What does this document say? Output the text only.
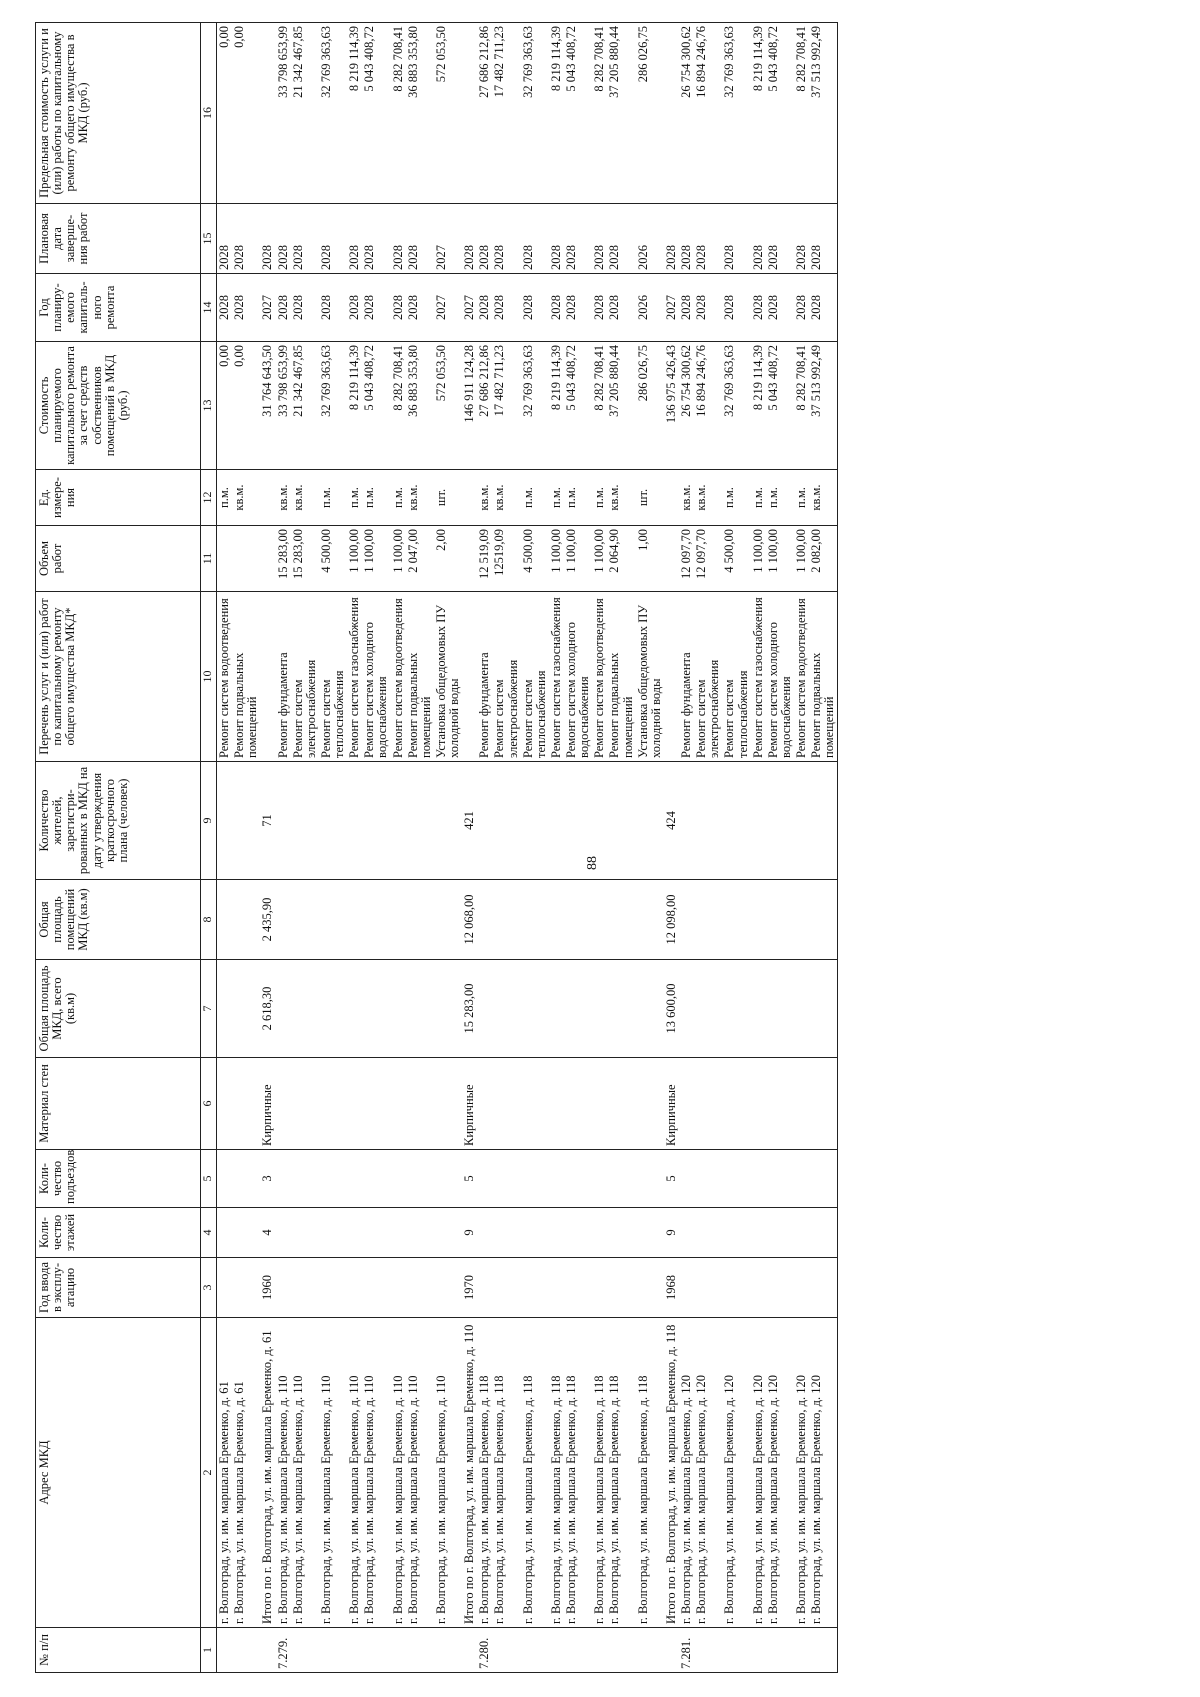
88
№ п/п	Адрес МКД	Год ввода в эксплу-атацию	Коли-чество этажей	Коли-чество подъездов	Материал стен	Общая площадь МКД, всего (кв.м)	Общая площадь помещений МКД (кв.м)	Количество жителей, зарегистри-рованных в МКД на дату утверждения краткосрочного плана (человек)	Перечень услуг и (или) работ по капитальному ремонту общего имущества МКД*	Объем работ	Ед. измере-ния	Стоимость планируемого капитального ремонта за счет средств собственников помещений в МКД (руб.)	Год планиру-емого капиталь-ного ремонта	Плановая дата заверше-ния работ	Предельная стоимость услуги и (или) работы по капитальному ремонту общего имущества в МКД (руб.)
1	2	3	4	5	6	7	8	9	10	11	12	13	14	15	16
	г. Волгоград, ул. им. маршала Еременко, д. 61								Ремонт систем водоотведения		п.м.	0,00	2028	2028	0,00
	г. Волгоград, ул. им. маршала Еременко, д. 61								Ремонт подвальных помещений		кв.м.	0,00	2028	2028	0,00
	Итого по г. Волгоград, ул. им. маршала Еременко, д. 61	1960	4	3	Кирпичные	2 618,30	2 435,90	71				31 764 643,50	2027	2028	
7.279.	г. Волгоград, ул. им. маршала Еременко, д. 110								Ремонт фундамента	15 283,00	кв.м.	33 798 653,99	2028	2028	33 798 653,99
	г. Волгоград, ул. им. маршала Еременко, д. 110								Ремонт систем электроснабжения	15 283,00	кв.м.	21 342 467,85	2028	2028	21 342 467,85
	г. Волгоград, ул. им. маршала Еременко, д. 110								Ремонт систем теплоснабжения	4 500,00	п.м.	32 769 363,63	2028	2028	32 769 363,63
	г. Волгоград, ул. им. маршала Еременко, д. 110								Ремонт систем газоснабжения	1 100,00	п.м.	8 219 114,39	2028	2028	8 219 114,39
	г. Волгоград, ул. им. маршала Еременко, д. 110								Ремонт систем холодного водоснабжения	1 100,00	п.м.	5 043 408,72	2028	2028	5 043 408,72
	г. Волгоград, ул. им. маршала Еременко, д. 110								Ремонт систем водоотведения	1 100,00	п.м.	8 282 708,41	2028	2028	8 282 708,41
	г. Волгоград, ул. им. маршала Еременко, д. 110								Ремонт подвальных помещений	2 047,00	кв.м.	36 883 353,80	2028	2028	36 883 353,80
	г. Волгоград, ул. им. маршала Еременко, д. 110								Установка общедомовых ПУ холодной воды	2,00	шт.	572 053,50	2027	2027	572 053,50
	Итого по г. Волгоград, ул. им. маршала Еременко, д. 110	1970	9	5	Кирпичные	15 283,00	12 068,00	421				146 911 124,28	2027	2028	
7.280.	г. Волгоград, ул. им. маршала Еременко, д. 118								Ремонт фундамента	12 519,09	кв.м.	27 686 212,86	2028	2028	27 686 212,86
	г. Волгоград, ул. им. маршала Еременко, д. 118								Ремонт систем электроснабжения	12519,09	кв.м.	17 482 711,23	2028	2028	17 482 711,23
	г. Волгоград, ул. им. маршала Еременко, д. 118								Ремонт систем теплоснабжения	4 500,00	п.м.	32 769 363,63	2028	2028	32 769 363,63
	г. Волгоград, ул. им. маршала Еременко, д. 118								Ремонт систем газоснабжения	1 100,00	п.м.	8 219 114,39	2028	2028	8 219 114,39
	г. Волгоград, ул. им. маршала Еременко, д. 118								Ремонт систем холодного водоснабжения	1 100,00	п.м.	5 043 408,72	2028	2028	5 043 408,72
	г. Волгоград, ул. им. маршала Еременко, д. 118								Ремонт систем водоотведения	1 100,00	п.м.	8 282 708,41	2028	2028	8 282 708,41
	г. Волгоград, ул. им. маршала Еременко, д. 118								Ремонт подвальных помещений	2 064,90	кв.м.	37 205 880,44	2028	2028	37 205 880,44
	г. Волгоград, ул. им. маршала Еременко, д. 118								Установка общедомовых ПУ холодной воды	1,00	шт.	286 026,75	2026	2026	286 026,75
	Итого по г. Волгоград, ул. им. маршала Еременко, д. 118	1968	9	5	Кирпичные	13 600,00	12 098,00	424				136 975 426,43	2027	2028	
7.281.	г. Волгоград, ул. им. маршала Еременко, д. 120								Ремонт фундамента	12 097,70	кв.м.	26 754 300,62	2028	2028	26 754 300,62
	г. Волгоград, ул. им. маршала Еременко, д. 120								Ремонт систем электроснабжения	12 097,70	кв.м.	16 894 246,76	2028	2028	16 894 246,76
	г. Волгоград, ул. им. маршала Еременко, д. 120								Ремонт систем теплоснабжения	4 500,00	п.м.	32 769 363,63	2028	2028	32 769 363,63
	г. Волгоград, ул. им. маршала Еременко, д. 120								Ремонт систем газоснабжения	1 100,00	п.м.	8 219 114,39	2028	2028	8 219 114,39
	г. Волгоград, ул. им. маршала Еременко, д. 120								Ремонт систем холодного водоснабжения	1 100,00	п.м.	5 043 408,72	2028	2028	5 043 408,72
	г. Волгоград, ул. им. маршала Еременко, д. 120								Ремонт систем водоотведения	1 100,00	п.м.	8 282 708,41	2028	2028	8 282 708,41
	г. Волгоград, ул. им. маршала Еременко, д. 120								Ремонт подвальных помещений	2 082,00	кв.м.	37 513 992,49	2028	2028	37 513 992,49
